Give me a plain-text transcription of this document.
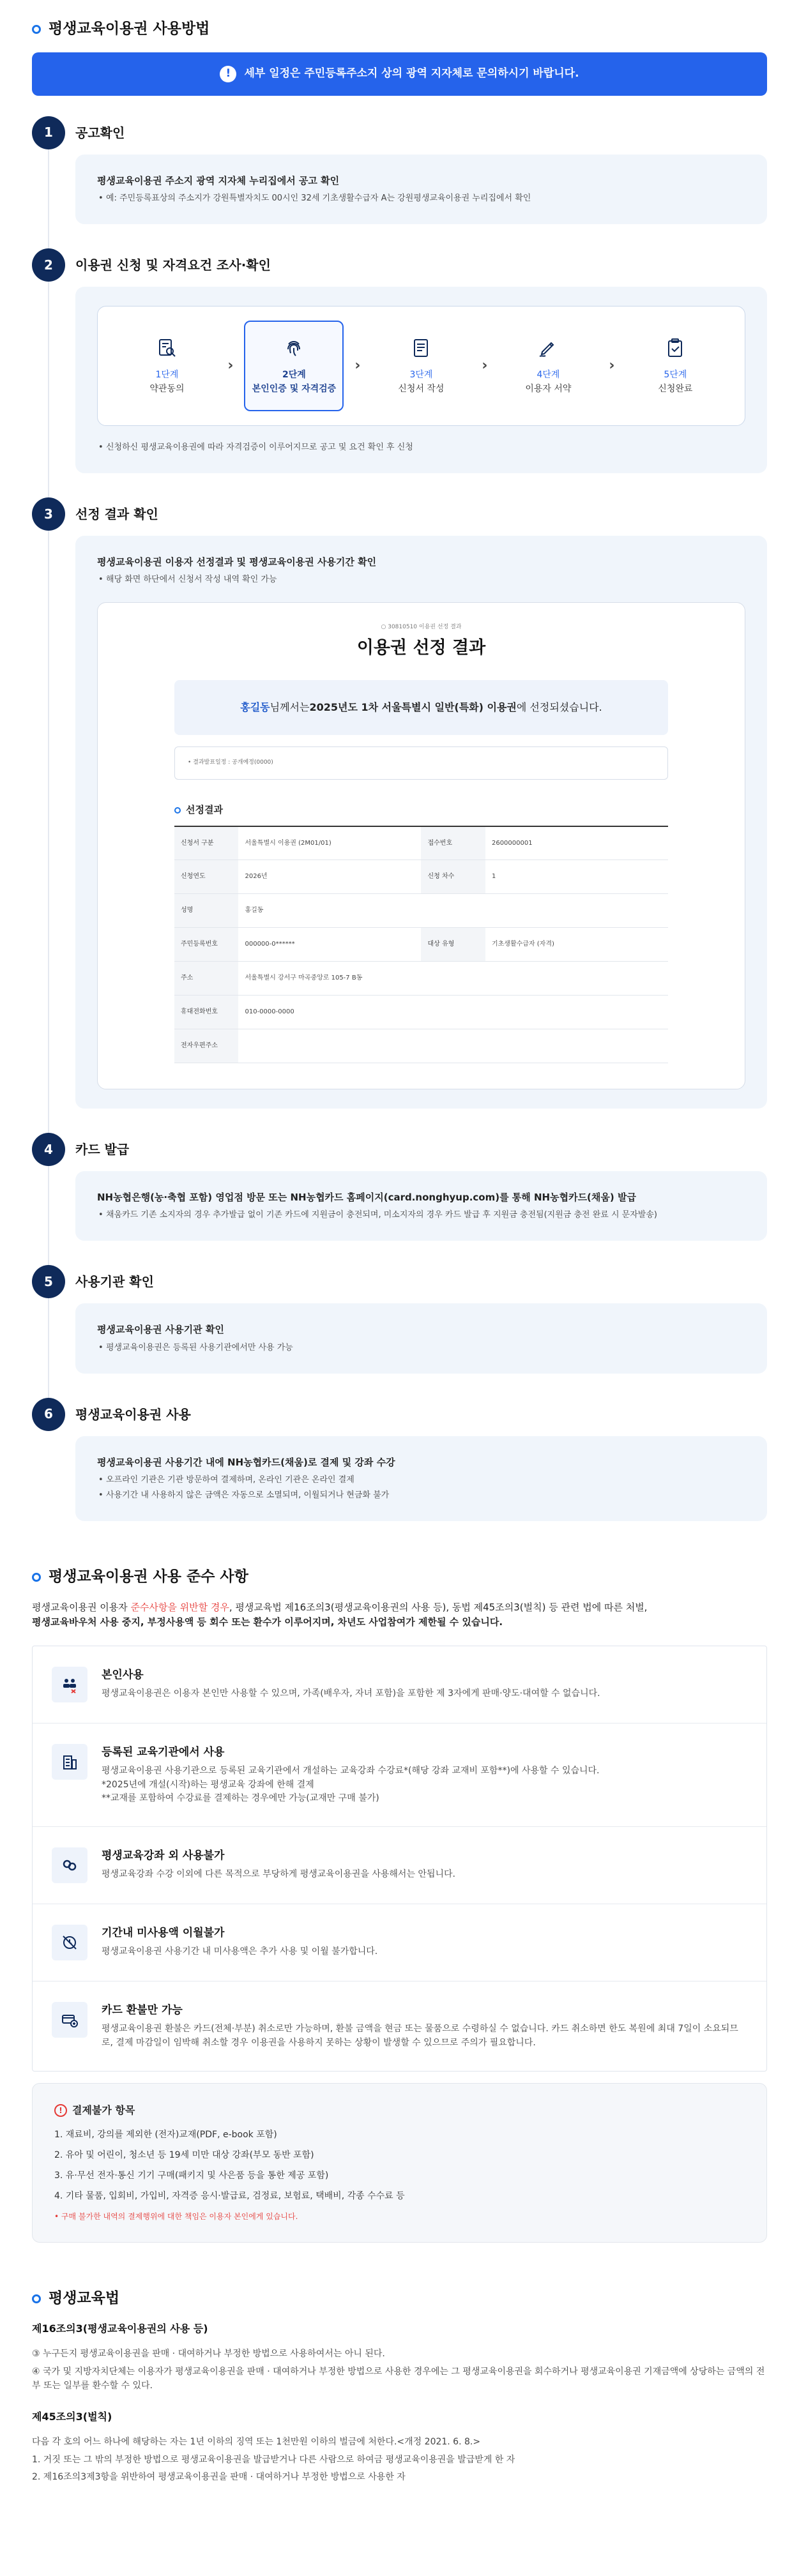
평생교육이용권 사용방법
!	세부 일정은 주민등록주소지 상의 광역 지자체로 문의하시기 바랍니다.
1	공고확인
평생교육이용권 주소지 광역 지자체 누리집에서 공고 확인
• 예: 주민등록표상의 주소지가 강원특별자치도 00시인 32세 기초생활수급자 A는 강원평생교육이용권 누리집에서 확인
2	이용권 신청 및 자격요건 조사·확인
1단계
약관동의
›
2단계
본인인증 및 자격검증
›
3단계
신청서 작성
›
4단계
이용자 서약
›
5단계
신청완료
• 신청하신 평생교육이용권에 따라 자격검증이 이루어지므로 공고 및 요건 확인 후 신청
3	선정 결과 확인
평생교육이용권 이용자 선정결과 및 평생교육이용권 사용기간 확인
• 해당 화면 하단에서 신청서 작성 내역 확인 가능
○ 30810510 이용권 선정 결과
이용권 선정 결과
홍길동 님께서는 2025년도 1차 서울특별시 일반(특화) 이용권 에 선정되셨습니다.
• 결과발표일정 : 공개예정(0000)
선정결과
신청서 구분	서울특별시 이용권 (2M01/01)	접수번호	2600000001
신청연도	2026년	신청 차수	1
성명	홍길동		
주민등록번호	000000-0******	대상 유형	기초생활수급자 (자격)
주소	서울특별시 강서구 마곡중앙로 105-7 B동		
휴대전화번호	010-0000-0000		
전자우편주소			
4	카드 발급
NH농협은행(농·축협 포함) 영업점 방문 또는 NH농협카드 홈페이지(card.nonghyup.com)를 통해 NH농협카드(채움) 발급
• 채움카드 기존 소지자의 경우 추가발급 없이 기존 카드에 지원금이 충전되며, 미소지자의 경우 카드 발급 후 지원금 충전됨(지원금 충전 완료 시 문자발송)
5	사용기관 확인
평생교육이용권 사용기관 확인
• 평생교육이용권은 등록된 사용기관에서만 사용 가능
6	평생교육이용권 사용
평생교육이용권 사용기간 내에 NH농협카드(채움)로 결제 및 강좌 수강
• 오프라인 기관은 기관 방문하여 결제하며, 온라인 기관은 온라인 결제
• 사용기간 내 사용하지 않은 금액은 자동으로 소멸되며, 이월되거나 현금화 불가
평생교육이용권 사용 준수 사항

평생교육이용권 이용자 준수사항을 위반할 경우, 평생교육법 제16조의3(평생교육이용권의 사용 등), 동법 제45조의3(벌칙) 등 관련 법에 따른 처벌,

평생교육바우처 사용 중지, 부정사용액 등 회수 또는 환수가 이루어지며, 차년도 사업참여가 제한될 수 있습니다.

본인사용
평생교육이용권은 이용자 본인만 사용할 수 있으며, 가족(배우자, 자녀 포함)을 포함한 제 3자에게 판매·양도·대여할 수 없습니다.
등록된 교육기관에서 사용
평생교육이용권 사용기관으로 등록된 교육기관에서 개설하는 교육강좌 수강료*(해당 강좌 교재비 포함**)에 사용할 수 있습니다.
*2025년에 개설(시작)하는 평생교육 강좌에 한해 결제
**교재를 포함하여 수강료를 결제하는 경우에만 가능(교재만 구매 불가)
평생교육강좌 외 사용불가
평생교육강좌 수강 이외에 다른 목적으로 부당하게 평생교육이용권을 사용해서는 안됩니다.
기간내 미사용액 이월불가
평생교육이용권 사용기간 내 미사용액은 추가 사용 및 이월 불가합니다.
카드 환불만 가능
평생교육이용권 환불은 카드(전체·부분) 취소로만 가능하며, 환불 금액을 현금 또는 물품으로 수령하실 수 없습니다. 카드 취소하면 한도 복원에 최대 7일이 소요되므로, 결제 마감일이 임박해 취소할 경우 이용권을 사용하지 못하는 상황이 발생할 수 있으므로 주의가 필요합니다.
! 결제불가 항목
1. 재료비, 강의를 제외한 (전자)교재(PDF, e-book 포함)
2. 유아 및 어린이, 청소년 등 19세 미만 대상 강좌(부모 동반 포함)
3. 유·무선 전자·통신 기기 구매(패키지 및 사은품 등을 통한 제공 포함)
4. 기타 물품, 입회비, 가입비, 자격증 응시·발급료, 검정료, 보험료, 택배비, 각종 수수료 등
• 구매 불가한 내역의 결제행위에 대한 책임은 이용자 본인에게 있습니다.
평생교육법
제16조의3(평생교육이용권의 사용 등)

③ 누구든지 평생교육이용권을 판매 · 대여하거나 부정한 방법으로 사용하여서는 아니 된다.

④ 국가 및 지방자치단체는 이용자가 평생교육이용권을 판매 · 대여하거나 부정한 방법으로 사용한 경우에는 그 평생교육이용권을 회수하거나 평생교육이용권 기재금액에 상당하는 금액의 전부 또는 일부를 환수할 수 있다.

제45조의3(벌칙)

다음 각 호의 어느 하나에 해당하는 자는 1년 이하의 징역 또는 1천만원 이하의 벌금에 처한다.<개정 2021. 6. 8.>

1. 거짓 또는 그 밖의 부정한 방법으로 평생교육이용권을 발급받거나 다른 사람으로 하여금 평생교육이용권을 발급받게 한 자

2. 제16조의3제3항을 위반하여 평생교육이용권을 판매 · 대여하거나 부정한 방법으로 사용한 자
